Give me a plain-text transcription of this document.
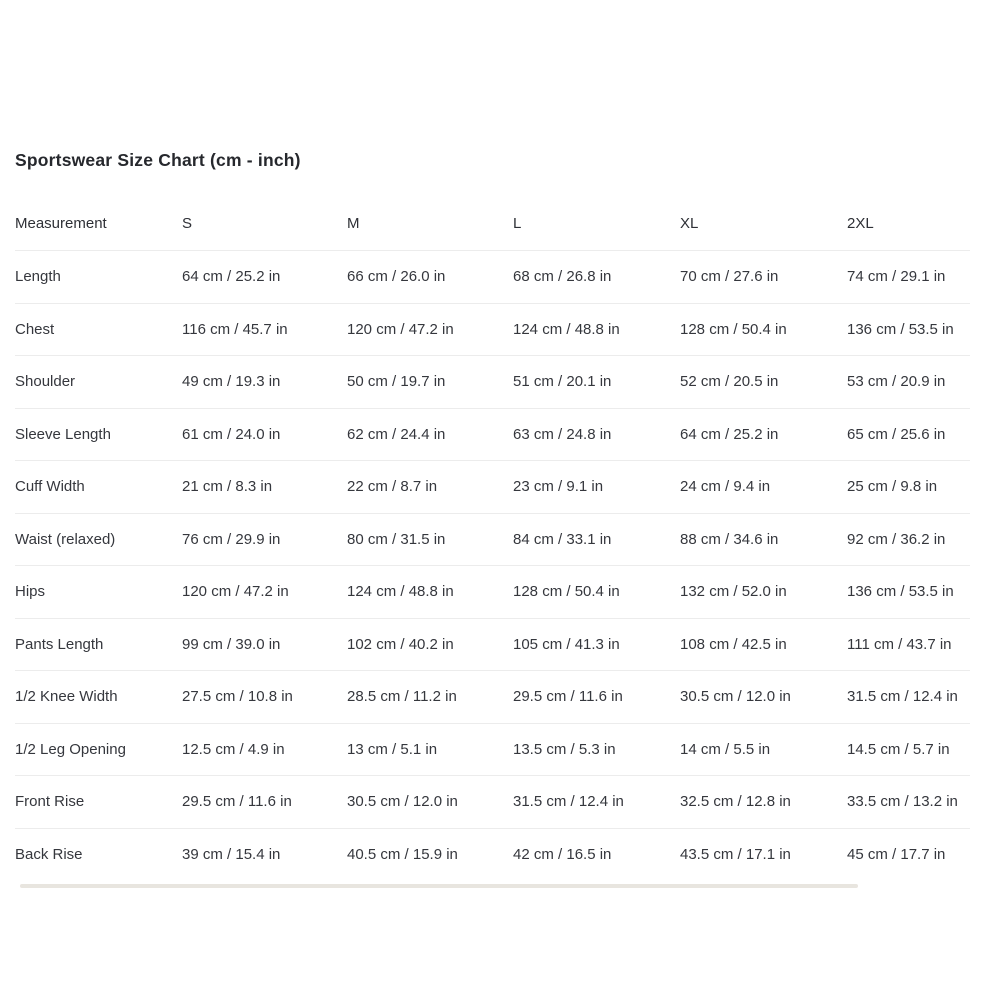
Sportswear Size Chart (cm - inch)
Measurement	S	M	L	XL	2XL
Length	64 cm / 25.2 in	66 cm / 26.0 in	68 cm / 26.8 in	70 cm / 27.6 in	74 cm / 29.1 in
Chest	116 cm / 45.7 in	120 cm / 47.2 in	124 cm / 48.8 in	128 cm / 50.4 in	136 cm / 53.5 in
Shoulder	49 cm / 19.3 in	50 cm / 19.7 in	51 cm / 20.1 in	52 cm / 20.5 in	53 cm / 20.9 in
Sleeve Length	61 cm / 24.0 in	62 cm / 24.4 in	63 cm / 24.8 in	64 cm / 25.2 in	65 cm / 25.6 in
Cuff Width	21 cm / 8.3 in	22 cm / 8.7 in	23 cm / 9.1 in	24 cm / 9.4 in	25 cm / 9.8 in
Waist (relaxed)	76 cm / 29.9 in	80 cm / 31.5 in	84 cm / 33.1 in	88 cm / 34.6 in	92 cm / 36.2 in
Hips	120 cm / 47.2 in	124 cm / 48.8 in	128 cm / 50.4 in	132 cm / 52.0 in	136 cm / 53.5 in
Pants Length	99 cm / 39.0 in	102 cm / 40.2 in	105 cm / 41.3 in	108 cm / 42.5 in	111 cm / 43.7 in
1/2 Knee Width	27.5 cm / 10.8 in	28.5 cm / 11.2 in	29.5 cm / 11.6 in	30.5 cm / 12.0 in	31.5 cm / 12.4 in
1/2 Leg Opening	12.5 cm / 4.9 in	13 cm / 5.1 in	13.5 cm / 5.3 in	14 cm / 5.5 in	14.5 cm / 5.7 in
Front Rise	29.5 cm / 11.6 in	30.5 cm / 12.0 in	31.5 cm / 12.4 in	32.5 cm / 12.8 in	33.5 cm / 13.2 in
Back Rise	39 cm / 15.4 in	40.5 cm / 15.9 in	42 cm / 16.5 in	43.5 cm / 17.1 in	45 cm / 17.7 in
